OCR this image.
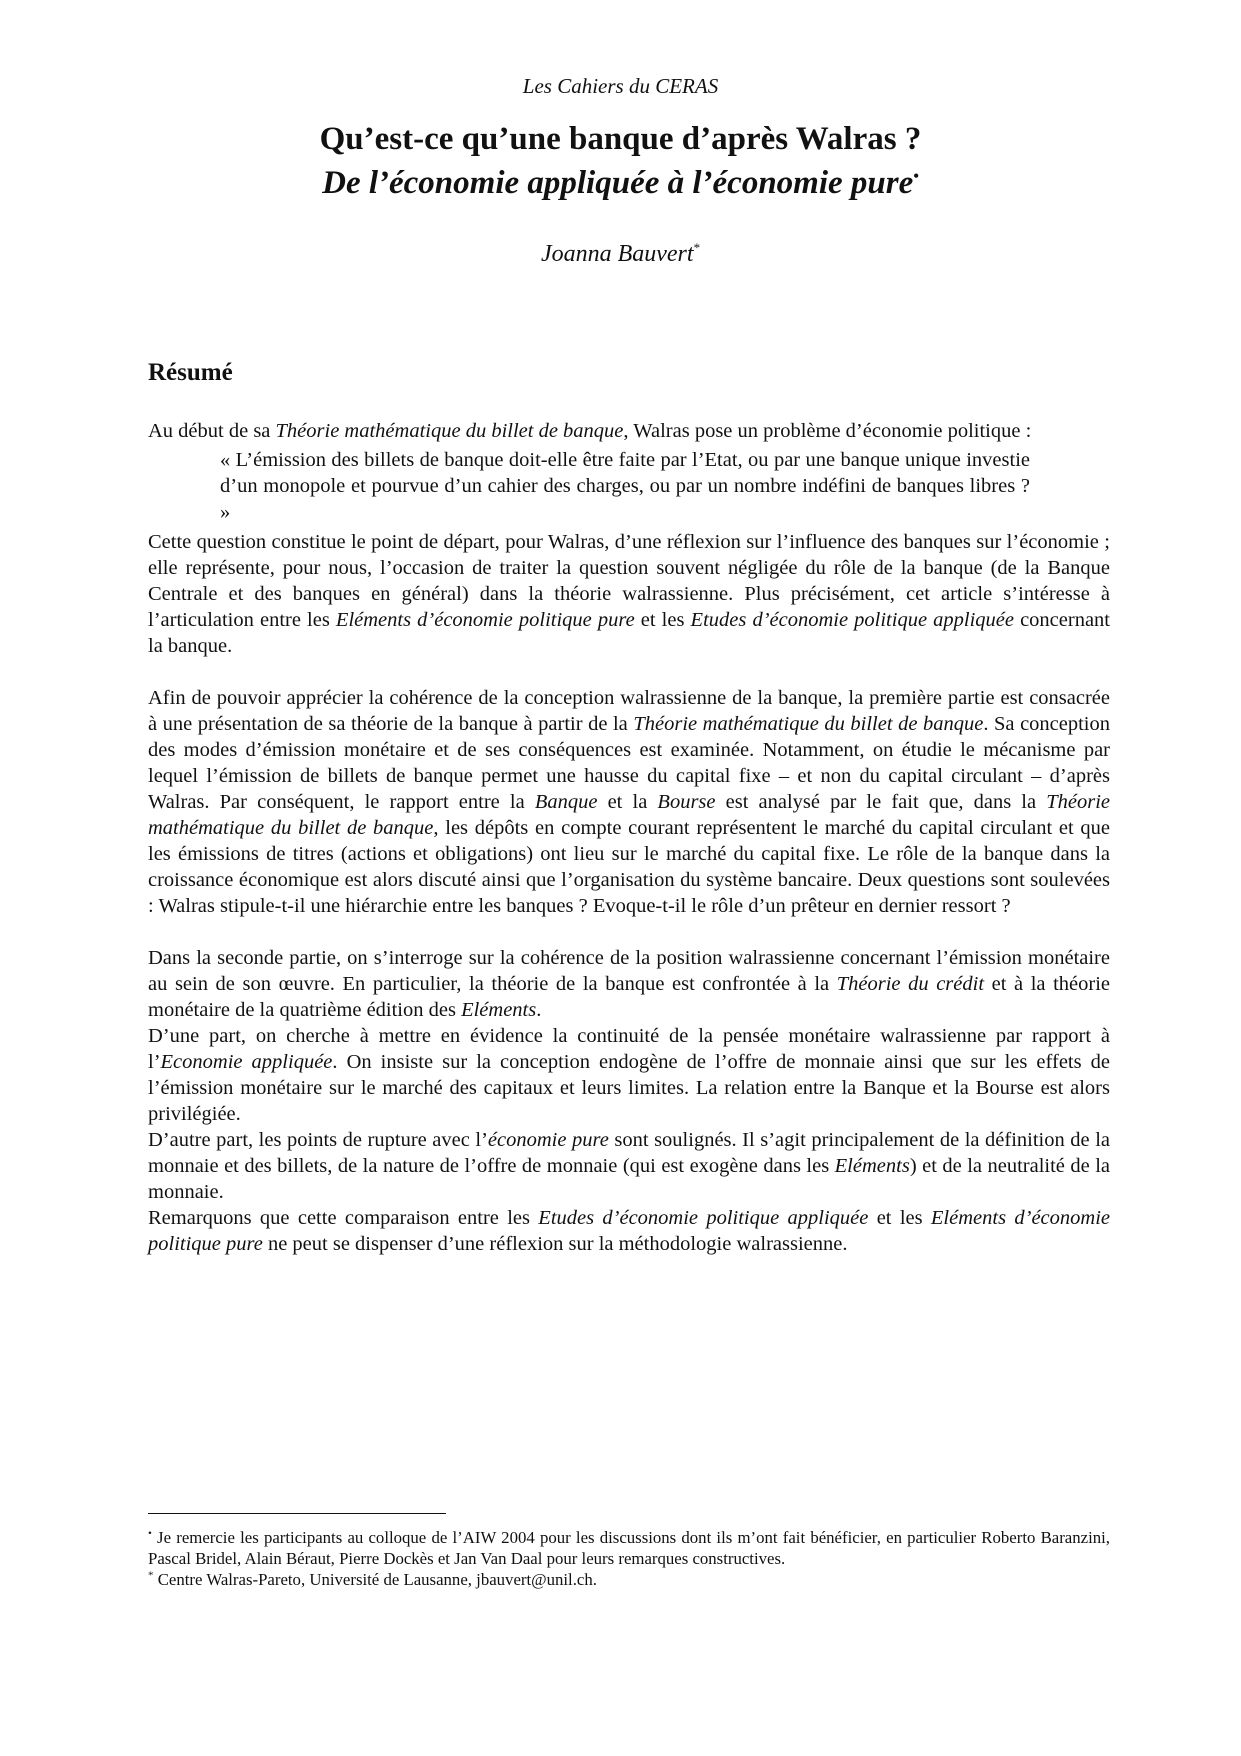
Les Cahiers du CERAS
Qu’est-ce qu’une banque d’après Walras ?
De l’économie appliquée à l’économie pure•
Joanna Bauvert*
Résumé

Au début de sa Théorie mathématique du billet de banque, Walras pose un problème d’économie politique :

« L’émission des billets de banque doit-elle être faite par l’Etat, ou par une banque unique investie d’un monopole et pourvue d’un cahier des charges, ou par un nombre indéfini de banques libres ? »

Cette question constitue le point de départ, pour Walras, d’une réflexion sur l’influence des banques sur l’économie ; elle représente, pour nous, l’occasion de traiter la question souvent négligée du rôle de la banque (de la Banque Centrale et des banques en général) dans la théorie walrassienne. Plus précisément, cet article s’intéresse à l’articulation entre les Eléments d’économie politique pure et les Etudes d’économie politique appliquée concernant la banque.

Afin de pouvoir apprécier la cohérence de la conception walrassienne de la banque, la première partie est consacrée à une présentation de sa théorie de la banque à partir de la Théorie mathématique du billet de banque. Sa conception des modes d’émission monétaire et de ses conséquences est examinée. Notamment, on étudie le mécanisme par lequel l’émission de billets de banque permet une hausse du capital fixe – et non du capital circulant – d’après Walras. Par conséquent, le rapport entre la Banque et la Bourse est analysé par le fait que, dans la Théorie mathématique du billet de banque, les dépôts en compte courant représentent le marché du capital circulant et que les émissions de titres (actions et obligations) ont lieu sur le marché du capital fixe. Le rôle de la banque dans la croissance économique est alors discuté ainsi que l’organisation du système bancaire. Deux questions sont soulevées : Walras stipule-t-il une hiérarchie entre les banques ? Evoque-t-il le rôle d’un prêteur en dernier ressort ?

Dans la seconde partie, on s’interroge sur la cohérence de la position walrassienne concernant l’émission monétaire au sein de son œuvre. En particulier, la théorie de la banque est confrontée à la Théorie du crédit et à la théorie monétaire de la quatrième édition des Eléments.

D’une part, on cherche à mettre en évidence la continuité de la pensée monétaire walrassienne par rapport à l’Economie appliquée. On insiste sur la conception endogène de l’offre de monnaie ainsi que sur les effets de l’émission monétaire sur le marché des capitaux et leurs limites. La relation entre la Banque et la Bourse est alors privilégiée.

D’autre part, les points de rupture avec l’économie pure sont soulignés. Il s’agit principalement de la définition de la monnaie et des billets, de la nature de l’offre de monnaie (qui est exogène dans les Eléments) et de la neutralité de la monnaie.

Remarquons que cette comparaison entre les Etudes d’économie politique appliquée et les Eléments d’économie politique pure ne peut se dispenser d’une réflexion sur la méthodologie walrassienne.

• Je remercie les participants au colloque de l’AIW 2004 pour les discussions dont ils m’ont fait bénéficier, en particulier Roberto Baranzini, Pascal Bridel, Alain Béraut, Pierre Dockès et Jan Van Daal pour leurs remarques constructives.

* Centre Walras-Pareto, Université de Lausanne, jbauvert@unil.ch.
